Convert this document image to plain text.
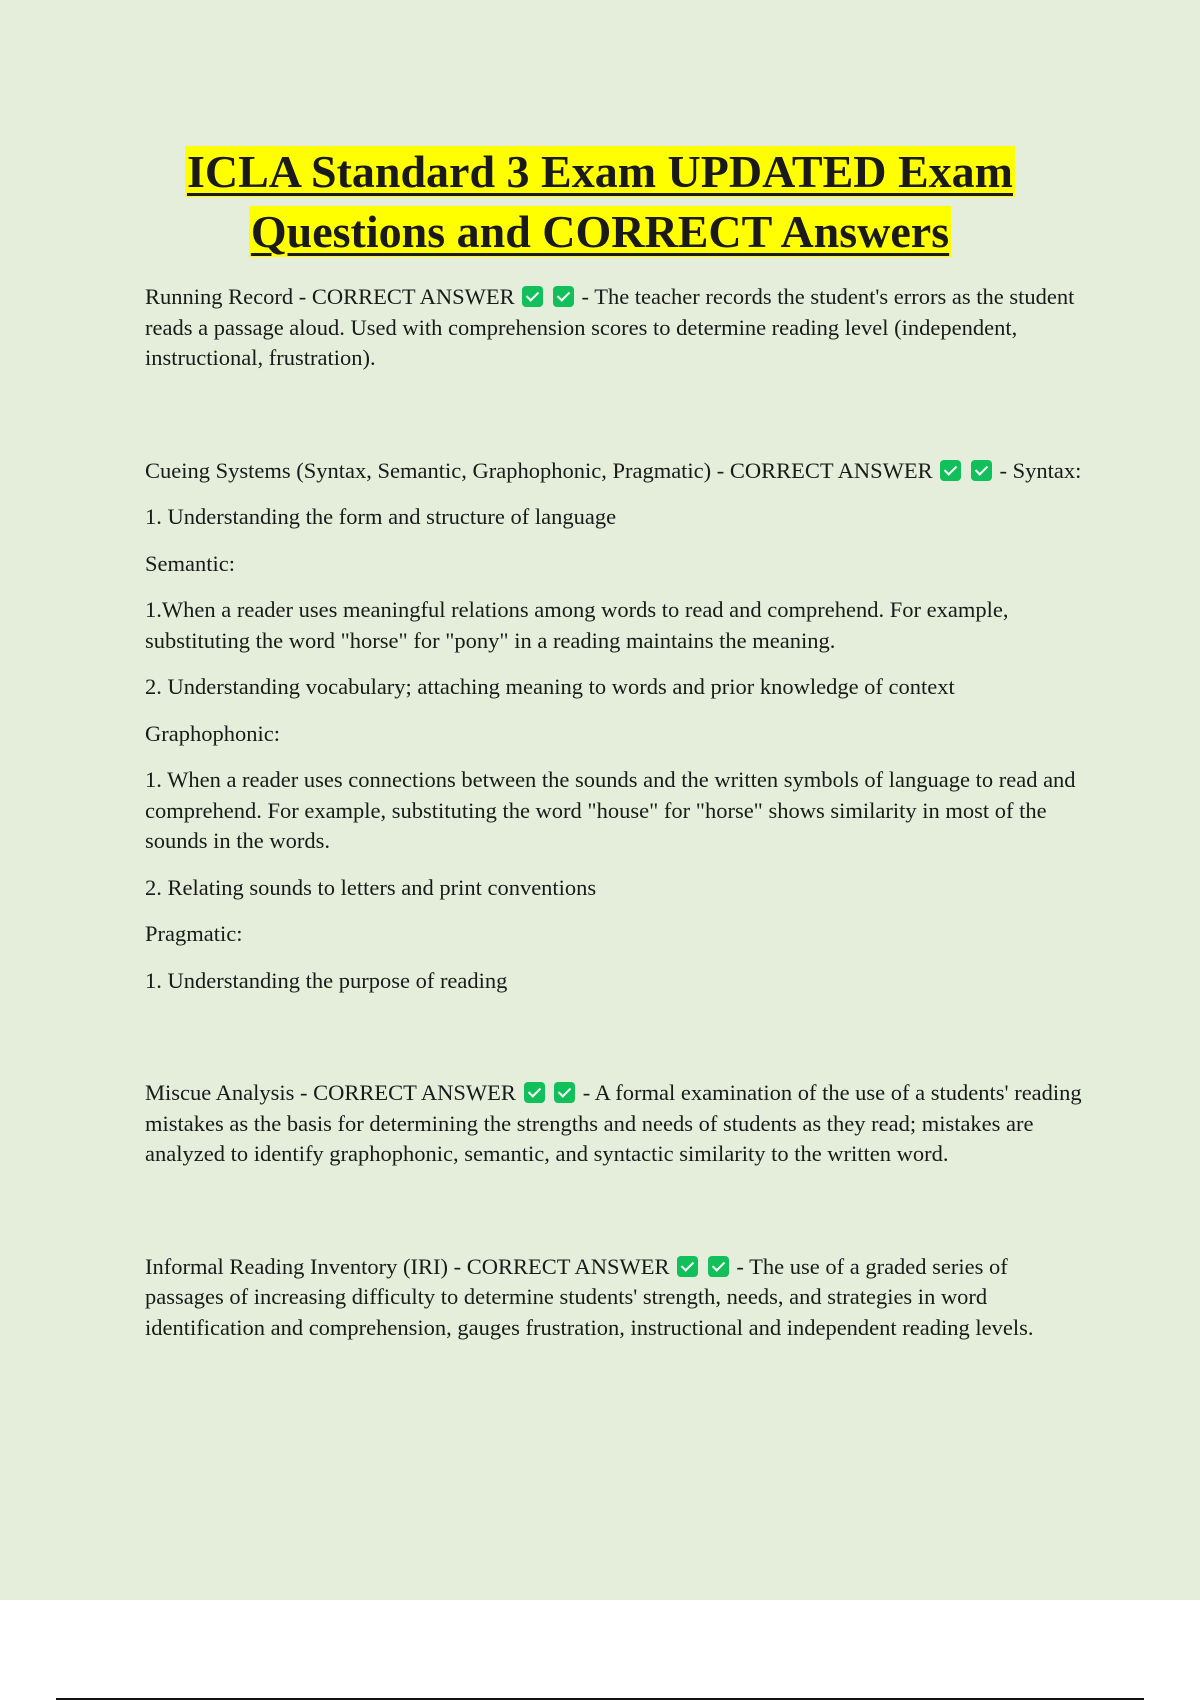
ICLA Standard 3 Exam UPDATED Exam
Questions and CORRECT Answers

Running Record - CORRECT ANSWER	- The teacher records the student's errors as the student reads a passage aloud. Used with comprehension scores to determine reading level (independent, instructional, frustration).

Cueing Systems (Syntax, Semantic, Graphophonic, Pragmatic) - CORRECT ANSWER	- Syntax:

1. Understanding the form and structure of language

Semantic:

1.When a reader uses meaningful relations among words to read and comprehend. For example, substituting the word "horse" for "pony" in a reading maintains the meaning.

2. Understanding vocabulary; attaching meaning to words and prior knowledge of context

Graphophonic:

1. When a reader uses connections between the sounds and the written symbols of language to read and comprehend. For example, substituting the word "house" for "horse" shows similarity in most of the sounds in the words.

2. Relating sounds to letters and print conventions

Pragmatic:

1. Understanding the purpose of reading

Miscue Analysis - CORRECT ANSWER	- A formal examination of the use of a students' reading mistakes as the basis for determining the strengths and needs of students as they read; mistakes are analyzed to identify graphophonic, semantic, and syntactic similarity to the written word.

Informal Reading Inventory (IRI) - CORRECT ANSWER	- The use of a graded series of passages of increasing difficulty to determine students' strength, needs, and strategies in word identification and comprehension, gauges frustration, instructional and independent reading levels.
